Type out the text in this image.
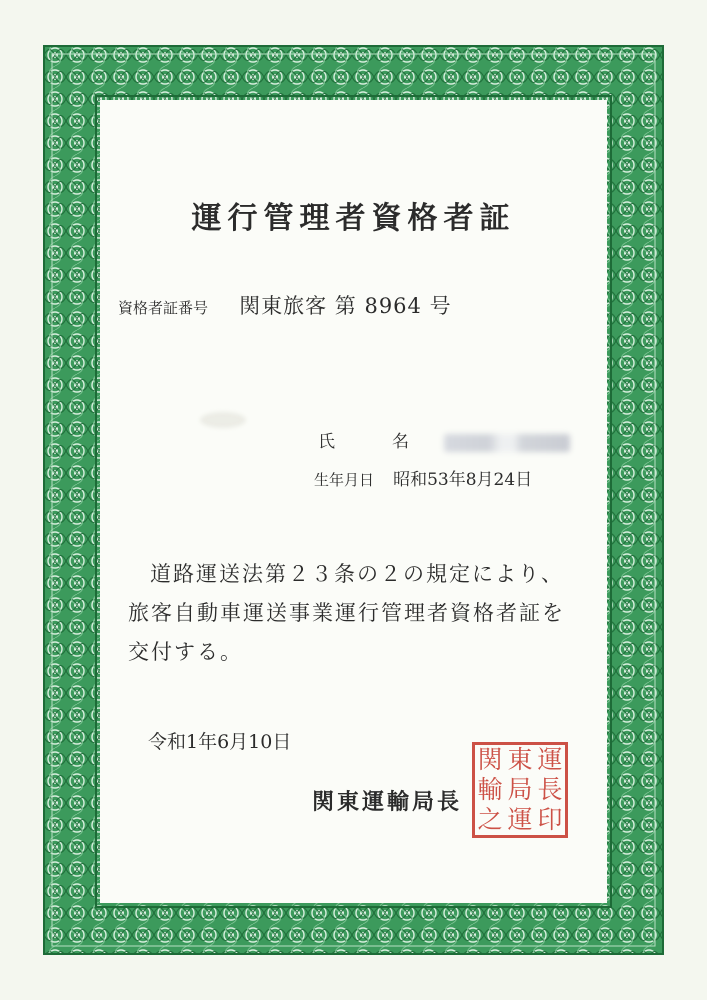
運行管理者資格者証
資格者証番号 関東旅客 第 8964 号
氏　名
生年月日 昭和53年8月24日
道路運送法第２３条の２の規定により、
旅客自動車運送事業運行管理者資格者証を
交付する。
令和1年6月10日
関東運輸局長
関 東 運
輸 局 長
之 運 印
